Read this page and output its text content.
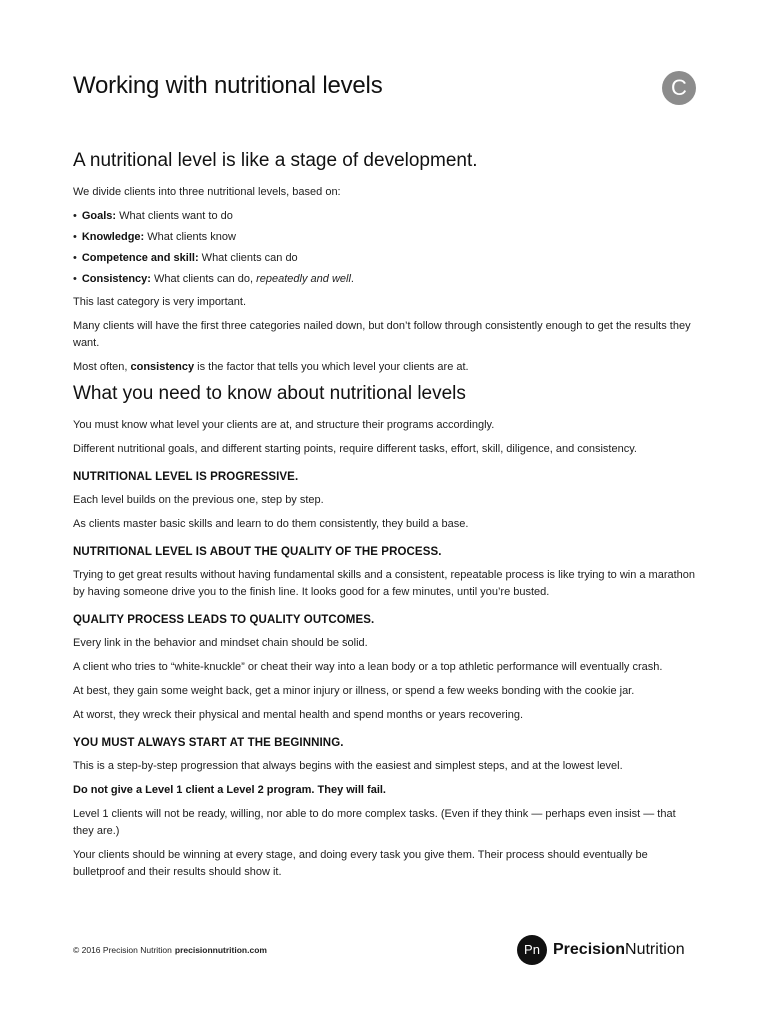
Working with nutritional levels	C
A nutritional level is like a stage of development.

We divide clients into three nutritional levels, based on:

• Goals: What clients want to do
• Knowledge: What clients know
• Competence and skill: What clients can do
• Consistency: What clients can do, repeatedly and well.

This last category is very important.

Many clients will have the first three categories nailed down, but don’t follow through consistently enough to get the results they want.

Most often, consistency is the factor that tells you which level your clients are at.

What you need to know about nutritional levels

You must know what level your clients are at, and structure their programs accordingly.

Different nutritional goals, and different starting points, require different tasks, effort, skill, diligence, and consistency.

NUTRITIONAL LEVEL IS PROGRESSIVE.

Each level builds on the previous one, step by step.

As clients master basic skills and learn to do them consistently, they build a base.

NUTRITIONAL LEVEL IS ABOUT THE QUALITY OF THE PROCESS.

Trying to get great results without having fundamental skills and a consistent, repeatable process is like trying to win a marathon by having someone drive you to the finish line. It looks good for a few minutes, until you’re busted.

QUALITY PROCESS LEADS TO QUALITY OUTCOMES.

Every link in the behavior and mindset chain should be solid.

A client who tries to “white-knuckle” or cheat their way into a lean body or a top athletic performance will eventually crash.

At best, they gain some weight back, get a minor injury or illness, or spend a few weeks bonding with the cookie jar.

At worst, they wreck their physical and mental health and spend months or years recovering.

YOU MUST ALWAYS START AT THE BEGINNING.

This is a step-by-step progression that always begins with the easiest and simplest steps, and at the lowest level.

Do not give a Level 1 client a Level 2 program. They will fail.

Level 1 clients will not be ready, willing, nor able to do more complex tasks. (Even if they think — perhaps even insist — that they are.)

Your clients should be winning at every stage, and doing every task you give them. Their process should eventually be bulletproof and their results should show it.

© 2016 Precision Nutrition precisionnutrition.com	Pn PrecisionNutrition
